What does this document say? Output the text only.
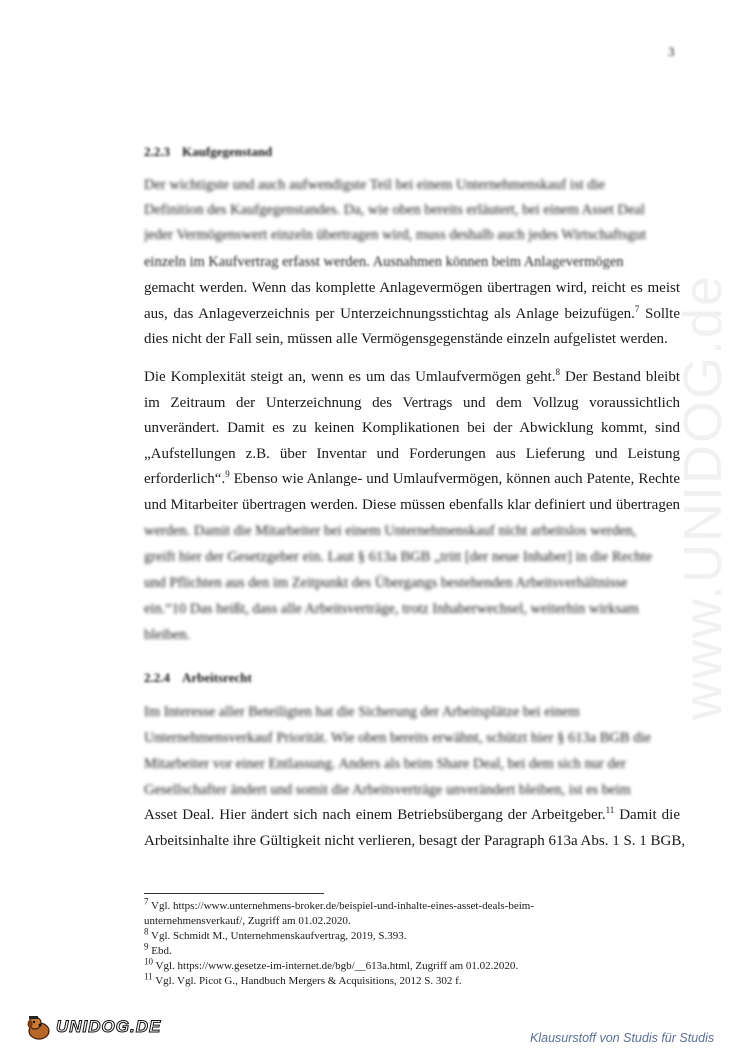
3
2.2.3 Kaufgegenstand
Der wichtigste und auch aufwendigste Teil bei einem Unternehmenskauf ist die
Definition des Kaufgegenstandes. Da, wie oben bereits erläutert, bei einem Asset Deal
jeder Vermögenswert einzeln übertragen wird, muss deshalb auch jedes Wirtschaftsgut
einzeln im Kaufvertrag erfasst werden. Ausnahmen können beim Anlagevermögen
gemacht werden. Wenn das komplette Anlagevermögen übertragen wird, reicht es meist
aus, das Anlageverzeichnis per Unterzeichnungsstichtag als Anlage beizufügen.$^7$ Sollte
dies nicht der Fall sein, müssen alle Vermögensgegenstände einzeln aufgelistet werden.
Die Komplexität steigt an, wenn es um das Umlaufvermögen geht.$^8$ Der Bestand bleibt
im Zeitraum der Unterzeichnung des Vertrags und dem Vollzug voraussichtlich
unverändert. Damit es zu keinen Komplikationen bei der Abwicklung kommt, sind
„Aufstellungen z.B. über Inventar und Forderungen aus Lieferung und Leistung
erforderlich“.$^9$ Ebenso wie Anlange- und Umlaufvermögen, können auch Patente, Rechte
und Mitarbeiter übertragen werden. Diese müssen ebenfalls klar definiert und übertragen
werden. Damit die Mitarbeiter bei einem Unternehmenskauf nicht arbeitslos werden,
greift hier der Gesetzgeber ein. Laut § 613a BGB „tritt [der neue Inhaber] in die Rechte
und Pflichten aus den im Zeitpunkt des Übergangs bestehenden Arbeitsverhältnisse
ein.“10 Das heißt, dass alle Arbeitsverträge, trotz Inhaberwechsel, weiterhin wirksam
bleiben.
2.2.4 Arbeitsrecht
Im Interesse aller Beteiligten hat die Sicherung der Arbeitsplätze bei einem
Unternehmensverkauf Priorität. Wie oben bereits erwähnt, schützt hier § 613a BGB die
Mitarbeiter vor einer Entlassung. Anders als beim Share Deal, bei dem sich nur der
Gesellschafter ändert und somit die Arbeitsverträge unverändert bleiben, ist es beim
Asset Deal. Hier ändert sich nach einem Betriebsübergang der Arbeitgeber.$^{11}$ Damit die
Arbeitsinhalte ihre Gültigkeit nicht verlieren, besagt der Paragraph 613a Abs. 1 S. 1 BGB,
$^7$ Vgl. https://www.unternehmens-broker.de/beispiel-und-inhalte-eines-asset-deals-beim-
unternehmensverkauf/, Zugriff am 01.02.2020.
$^8$ Vgl. Schmidt M., Unternehmenskaufvertrag, 2019, S.393.
$^9$ Ebd.
$^{10}$ Vgl. https://www.gesetze-im-internet.de/bgb/__613a.html, Zugriff am 01.02.2020.
$^{11}$ Vgl. Vgl. Picot G., Handbuch Mergers & Acquisitions, 2012 S. 302 f.
www.UNIDOG.de
UNIDOG.DE
Klausurstoff von Studis für Studis
